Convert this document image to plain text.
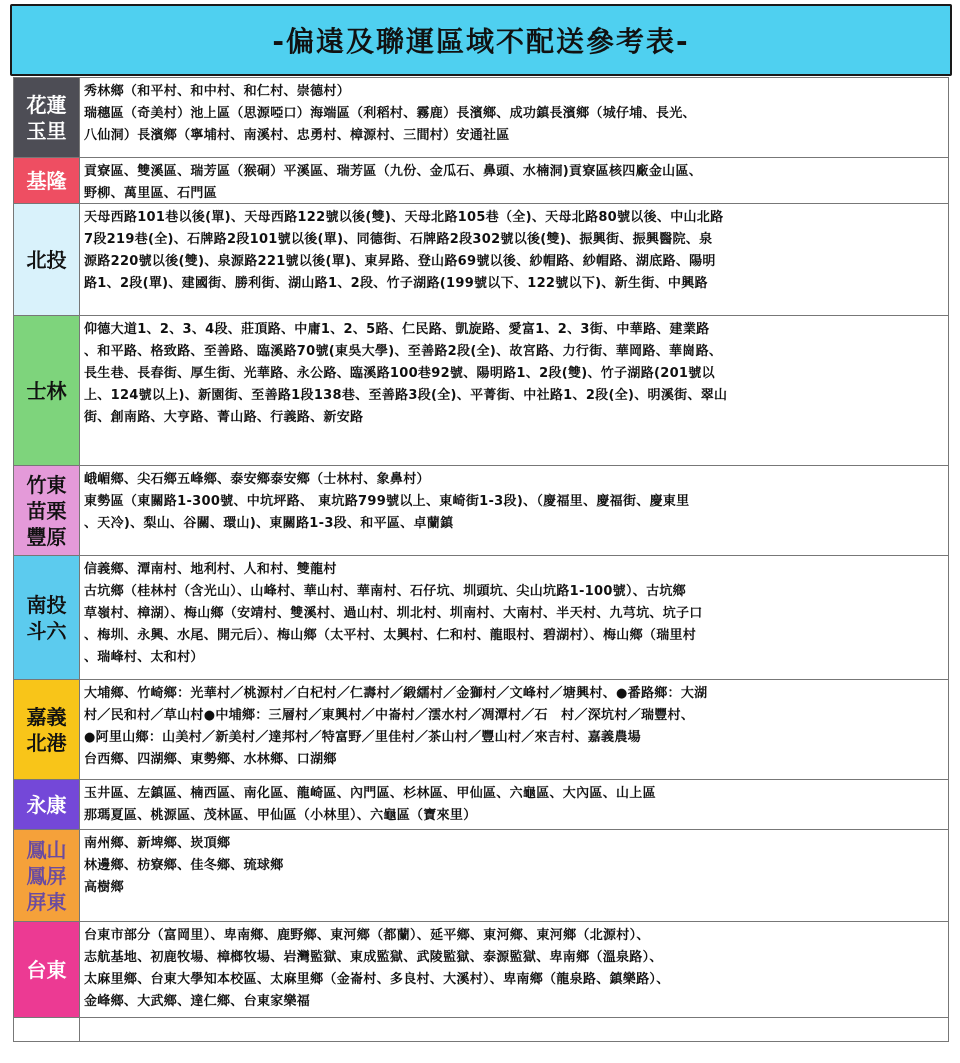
-偏遠及聯運區域不配送參考表-
花蓮
玉里
秀林鄉（和平村、和中村、和仁村、崇德村）
瑞穗區（奇美村）池上區（思源啞口）海端區（利稻村、霧鹿）長濱鄉、成功鎮長濱鄉（城仔埔、長光、
八仙洞）長濱鄉（寧埔村、南溪村、忠勇村、樟源村、三間村）安通社區
基隆 貢寮區、雙溪區、瑞芳區（猴硐）平溪區、瑞芳區（九份、金瓜石、鼻頭、水楠洞)貢寮區核四廠金山區、
野柳、萬里區、石門區
北投
天母西路101巷以後(單)、天母西路122號以後(雙)、天母北路105巷（全)、天母北路80號以後、中山北路
7段219巷(全)、石牌路2段101號以後(單)、同德街、石牌路2段302號以後(雙)、振興街、振興醫院、泉
源路220號以後(雙)、泉源路221號以後(單)、東昇路、登山路69號以後、紗帽路、紗帽路、湖底路、陽明
路1、2段(單)、建國街、勝利街、湖山路1、2段、竹子湖路(199號以下、122號以下)、新生街、中興路
士林
仰德大道1、2、3、4段、莊頂路、中庸1、2、5路、仁民路、凱旋路、愛富1、2、3街、中華路、建業路
、和平路、格致路、至善路、臨溪路70號(東吳大學)、至善路2段(全)、故宮路、力行街、華岡路、華崗路、
長生巷、長春街、厚生街、光華路、永公路、臨溪路100巷92號、陽明路1、2段(雙)、竹子湖路(201號以
上、124號以上)、新園街、至善路1段138巷、至善路3段(全)、平菁街、中社路1、2段(全)、明溪街、翠山
街、創南路、大亨路、菁山路、行義路、新安路
竹東
苗栗
豐原
峨嵋鄉、尖石鄉五峰鄉、泰安鄉泰安鄉（士林村、象鼻村）
東勢區（東關路1-300號、中坑坪路、 東坑路799號以上、東崎街1-3段)、（慶福里、慶福街、慶東里
、天冷)、梨山、谷關、環山)、東關路1-3段、和平區、卓蘭鎮
南投
斗六
信義鄉、潭南村、地利村、人和村、雙龍村
古坑鄉（桂林村（含光山）、山峰村、華山村、華南村、石仔坑、圳頭坑、尖山坑路1-100號）、古坑鄉
草嶺村、樟湖）、梅山鄉（安靖村、雙溪村、過山村、圳北村、圳南村、大南村、半天村、九芎坑、坑子口
、梅圳、永興、水尾、開元后）、梅山鄉（太平村、太興村、仁和村、龍眼村、碧湖村）、梅山鄉（瑞里村
、瑞峰村、太和村）
嘉義
北港
大埔鄉、竹崎鄉：光華村／桃源村／白杞村／仁壽村／緞繻村／金獅村／文峰村／塘興村、●番路鄉：大湖
村／民和村／草山村●中埔鄉：三層村／東興村／中崙村／澐水村／凋潭村／石　村／深坑村／瑞豐村、
●阿里山鄉：山美村／新美村／達邦村／特富野／里佳村／茶山村／豐山村／來吉村、嘉義農場
台西鄉、四湖鄉、東勢鄉、水林鄉、口湖鄉
永康 玉井區、左鎮區、楠西區、南化區、龍崎區、內門區、杉林區、甲仙區、六龜區、大內區、山上區
那瑪夏區、桃源區、茂林區、甲仙區（小林里）、六龜區（寶來里）
鳳山
鳳屏
屏東
南州鄉、新埤鄉、崁頂鄉
林邊鄉、枋寮鄉、佳冬鄉、琉球鄉
高樹鄉
台東
台東市部分（富岡里）、卑南鄉、鹿野鄉、東河鄉（都蘭）、延平鄉、東河鄉、東河鄉（北源村）、
志航基地、初鹿牧場、樟榔牧場、岩灣監獄、東成監獄、武陵監獄、泰源監獄、卑南鄉（溫泉路）、
太麻里鄉、台東大學知本校區、太麻里鄉（金崙村、多良村、大溪村）、卑南鄉（龍泉路、鎮樂路）、
金峰鄉、大武鄉、達仁鄉、台東家樂福
